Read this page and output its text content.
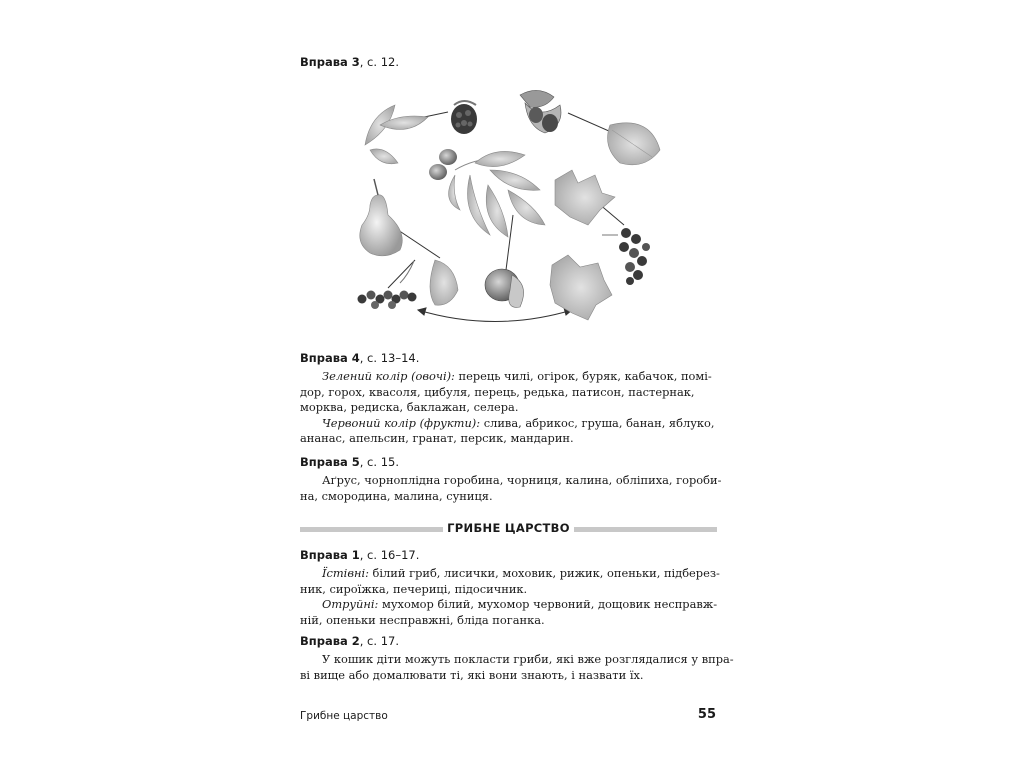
Вправа 3, с. 12.
Вправа 4, с. 13–14.
Зелений колір (овочі): перець чилі, огірок, буряк, кабачок, помі-
дор, горох, квасоля, цибуля, перець, редька, патисон, пастернак,
морква, редиска, баклажан, селера.
Червоний колір (фрукти): слива, абрикос, груша, банан, яблуко,
ананас, апельсин, гранат, персик, мандарин.
Вправа 5, с. 15.
Аґрус, чорноплідна горобина, чорниця, калина, обліпиха, гороби-
на, смородина, малина, суниця.
ГРИБНЕ ЦАРСТВО
Вправа 1, с. 16–17.
Їстівні: білий гриб, лисички, моховик, рижик, опеньки, підберез-
ник, сироїжка, печериці, підосичник.
Отруйні: мухомор білий, мухомор червоний, дощовик несправж-
ній, опеньки несправжні, бліда поганка.
Вправа 2, с. 17.
У кошик діти можуть покласти гриби, які вже розглядалися у впра-
ві вище або домалювати ті, які вони знають, і назвати їх.
Грибне царство	55
